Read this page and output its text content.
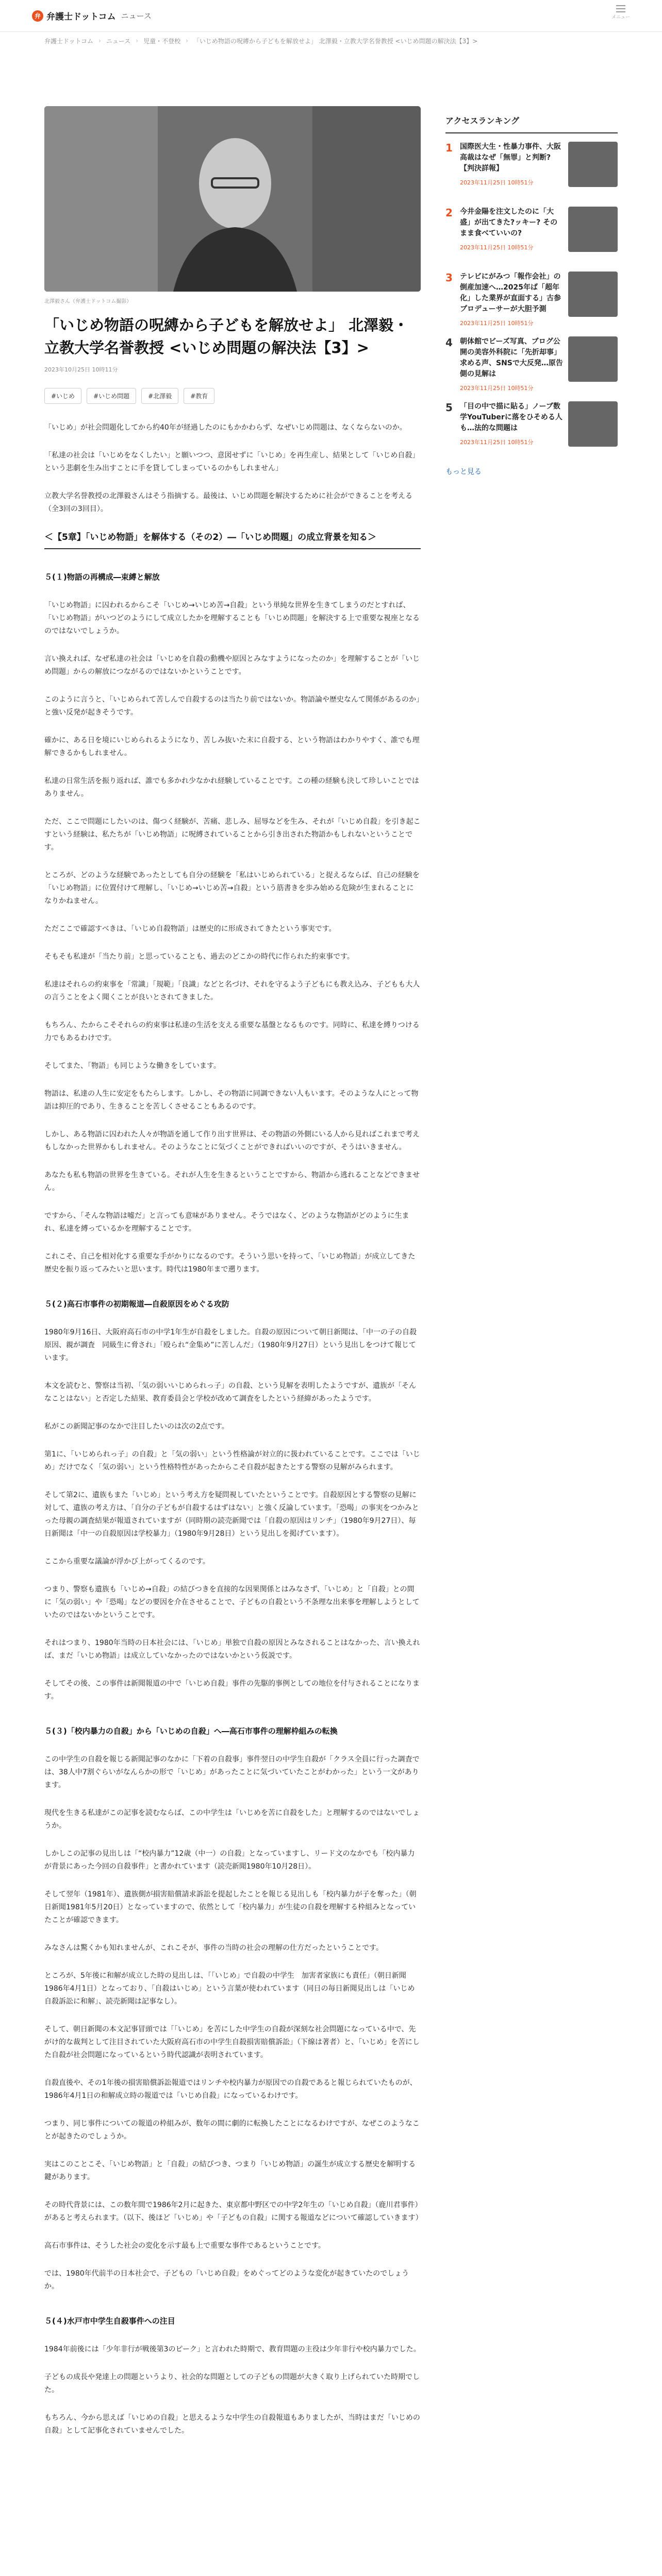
弁 弁護士ドットコム ニュース	メニュー
弁護士ドットコム › ニュース › 児童・不登校 › 「いじめ物語の呪縛から子どもを解放せよ」 北澤毅・立教大学名誉教授 <いじめ問題の解決法【3】>

北澤毅さん（弁護士ドットコム撮影）

「いじめ物語の呪縛から子どもを解放せよ」 北澤毅・立教大学名誉教授 <いじめ問題の解決法【3】>

2023年10月25日 10時11分

#いじめ	#いじめ問題	#北澤毅	#教育

「いじめ」が社会問題化してから約40年が経過したのにもかかわらず、なぜいじめ問題は、なくならないのか。

「私達の社会は「いじめをなくしたい」と願いつつ、意図せずに「いじめ」を再生産し、結果として「いじめ自殺」という悲劇を生み出すことに手を貸してしまっているのかもしれません」

立教大学名誉教授の北澤毅さんはそう指摘する。最後は、いじめ問題を解決するために社会ができることを考える（全3回の3回目）。

＜【5章】「いじめ物語」を解体する（その2）―「いじめ問題」の成立背景を知る＞
５(１)物語の再構成―束縛と解放

「いじめ物語」に囚われるからこそ「いじめ→いじめ苦→自殺」という単純な世界を生きてしまうのだとすれば、「いじめ物語」がいつどのようにして成立したかを理解することも「いじめ問題」を解決する上で重要な視座となるのではないでしょうか。

言い換えれば、なぜ私達の社会は「いじめを自殺の動機や原因とみなすようになったのか」を理解することが「いじめ問題」からの解放につながるのではないかということです。

このように言うと、「いじめられて苦しんで自殺するのは当たり前ではないか。物語論や歴史なんて関係があるのか」と強い反発が起きそうです。

確かに、ある日を境にいじめられるようになり、苦しみ抜いた末に自殺する、という物語はわかりやすく、誰でも理解できるかもしれません。

私達の日常生活を振り返れば、誰でも多かれ少なかれ経験していることです。この種の経験も決して珍しいことではありません。

ただ、ここで問題にしたいのは、傷つく経験が、苦痛、悲しみ、屈辱などを生み、それが「いじめ自殺」を引き起こすという経験は、私たちが「いじめ物語」に呪縛されていることから引き出された物語かもしれないということです。

ところが、どのような経験であったとしても自分の経験を「私はいじめられている」と捉えるならば、自己の経験を「いじめ物語」に位置付けて理解し、「いじめ→いじめ苦→自殺」という筋書きを歩み始める危険が生まれることになりかねません。

ただここで確認すべきは、「いじめ自殺物語」は歴史的に形成されてきたという事実です。

そもそも私達が「当たり前」と思っていることも、過去のどこかの時代に作られた約束事です。

私達はそれらの約束事を「常識」「規範」「良識」などと名づけ、それを守るよう子どもにも教え込み、子どもも大人の言うことをよく聞くことが良いとされてきました。

もちろん、たからこそそれらの約束事は私達の生活を支える重要な基盤となるものです。同時に、私達を縛りつける力でもあるわけです。

そしてまた、「物語」も同じような働きをしています。

物語は、私達の人生に安定をもたらします。しかし、その物語に同調できない人もいます。そのような人にとって物語は抑圧的であり、生きることを苦しくさせることもあるのです。

しかし、ある物語に囚われた人々が物語を通して作り出す世界は、その物語の外側にいる人から見ればこれまで考えもしなかった世界かもしれません。そのようなことに気づくことができればいいのですが、そうはいきません。

あなたも私も物語の世界を生きている。それが人生を生きるということですから、物語から逃れることなどできません。

ですから、「そんな物語は嘘だ」と言っても意味がありません。そうではなく、どのような物語がどのように生まれ、私達を縛っているかを理解することです。

これこそ、自己を相対化する重要な手がかりになるのです。そういう思いを持って、「いじめ物語」が成立してきた歴史を振り返ってみたいと思います。時代は1980年まで遡ります。

５(２)高石市事件の初期報道―自殺原因をめぐる攻防

1980年9月16日、大阪府高石市の中学1年生が自殺をしました。自殺の原因について朝日新聞は、「中一の子の自殺原因、親が調査　同級生に脅され」「殴られ“金集め”に苦しんだ」（1980年9月27日）という見出しをつけて報じています。

本文を読むと、警察は当初、「気の弱いいじめられっ子」の自殺、という見解を表明したようですが、遺族が「そんなことはない」と否定した結果、教育委員会と学校が改めて調査をしたという経緯があったようです。

私がこの新聞記事のなかで注目したいのは次の2点です。

第1に、「いじめられっ子」の自殺」と「気の弱い」という性格論が対立的に扱われていることです。ここでは「いじめ」だけでなく「気の弱い」という性格特性があったからこそ自殺が起きたとする警察の見解がみられます。

そして第2に、遺族もまた「いじめ」という考え方を疑問視していたということです。自殺原因とする警察の見解に対して、遺族の考え方は、「自分の子どもが自殺するはずはない」と強く反論しています。「恐喝」の事実をつかみとった母親の調査結果が報道されていますが（同時期の読売新聞では「自殺の原因はリンチ」（1980年9月27日）、毎日新聞は「中一の自殺原因は学校暴力」（1980年9月28日）という見出しを掲げています）。

ここから重要な議論が浮かび上がってくるのです。

つまり、警察も遺族も「いじめ→自殺」の結びつきを直接的な因果関係とはみなさず、「いじめ」と「自殺」との間に「気の弱い」や「恐喝」などの要因を介在させることで、子どもの自殺という不条理な出来事を理解しようとしていたのではないかということです。

それはつまり、1980年当時の日本社会には、「いじめ」単独で自殺の原因とみなされることはなかった、言い換えれば、まだ「いじめ物語」は成立していなかったのではないかという仮説です。

そしてその後、この事件は新聞報道の中で「いじめ自殺」事件の先駆的事例としての地位を付与されることになります。

５(３)「校内暴力の自殺」から「いじめの自殺」へ―高石市事件の理解枠組みの転換

この中学生の自殺を報じる新聞記事のなかに「下着の自殺事」事件翌日の中学生自殺が「クラス全員に行った調査では、38人中7割ぐらいがなんらかの形で「いじめ」があったことに気づいていたことがわかった」という一文があります。

現代を生きる私達がこの記事を読むならば、この中学生は「いじめを苦に自殺をした」と理解するのではないでしょうか。

しかしこの記事の見出しは「“校内暴力”12歳（中一）の自殺」となっていますし、リード文のなかでも「校内暴力が背景にあった今回の自殺事件」と書かれています（読売新聞1980年10月28日）。

そして翌年（1981年）、遺族側が損害賠償請求訴訟を提起したことを報じる見出しも「校内暴力が子を奪った」（朝日新聞1981年5月20日）となっていますので、依然として「校内暴力」が生徒の自殺を理解する枠組みとなっていたことが確認できます。

みなさんは驚くかも知れませんが、これこそが、事件の当時の社会の理解の仕方だったということです。

ところが、5年後に和解が成立した時の見出しは、「「いじめ」で自殺の中学生　加害者家族にも責任」（朝日新聞1986年4月1日）となっており、「自殺はいじめ」という言葉が使われています（同日の毎日新聞見出しは「いじめ自殺訴訟に和解」、読売新聞は記事なし）。

そして、朝日新聞の本文記事冒頭では「「いじめ」を苦にした中学生の自殺が深刻な社会問題になっている中で、先がけ的な裁判として注目されていた大阪府高石市の中学生自殺損害賠償訴訟」（下線は著者）と、「いじめ」を苦にした自殺が社会問題になっているという時代認識が表明されています。

自殺直後や、その1年後の損害賠償訴訟報道ではリンチや校内暴力が原因での自殺であると報じられていたものが、1986年4月1日の和解成立時の報道では「いじめ自殺」になっているわけです。

つまり、同じ事件についての報道の枠組みが、数年の間に劇的に転換したことになるわけですが、なぜこのようなことが起きたのでしょうか。

実はこのことこそ、「いじめ物語」と「自殺」の結びつき、つまり「いじめ物語」の誕生が成立する歴史を解明する鍵があります。

その時代背景には、この数年間で1986年2月に起きた、東京都中野区での中学2年生の「いじめ自殺」（鹿川君事件）があると考えられます。（以下、後ほど「いじめ」や「子どもの自殺」に関する報道などについて確認していきます）

高石市事件は、そうした社会の変化を示す最も上で重要な事件であるということです。

では、1980年代前半の日本社会で、子どもの「いじめ自殺」をめぐってどのような変化が起きていたのでしょうか。

５(４)水戸市中学生自殺事件への注目

1984年前後には「少年非行が戦後第3のピーク」と言われた時期で、教育問題の主役は少年非行や校内暴力でした。

子どもの成長や発達上の問題というより、社会的な問題としての子どもの問題が大きく取り上げられていた時期でした。

もちろん、今から思えば「いじめの自殺」と思えるような中学生の自殺報道もありましたが、当時はまだ「いじめの自殺」として記事化されていませんでした。

アクセスランキング
1 国際医大生・性暴力事件、大阪高裁はなぜ「無罪」と判断?　【判決詳報】

2023年11月25日 10時51分

2 今井金陽を注文したのに「大盛」が出てきた?ッキー? そのまま食べていいの?

2023年11月25日 10時51分

3 テレビにがみつ「報作会社」の倒産加速へ…2025年ば「超年化」した業界が直面する」古参プロデューサーが大胆予測

2023年11月25日 10時51分

4 朝体館でビーズ写真、ブログ公開の美容外科院に「先折却事」求める声、SNSで大反発…原告側の見解は

2023年11月25日 10時51分

5 「目の中で描に貼る」ノーブ数学YouTuberに落をひそめる人も…法的な問題は

2023年11月25日 10時51分

もっと見る
